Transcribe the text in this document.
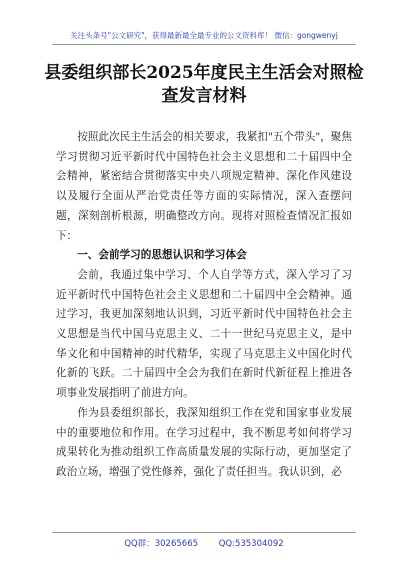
关注头条号"公文研究"，获得最新最全最专业的公文资料库！ 微信：gongwenyj
县委组织部长2025年度民主生活会对照检查发言材料

按照此次民主生活会的相关要求，我紧扣"五个带头"，聚焦学习贯彻习近平新时代中国特色社会主义思想和二十届四中全会精神，紧密结合贯彻落实中央八项规定精神、深化作风建设以及履行全面从严治党责任等方面的实际情况，深入查摆问题，深刻剖析根源，明确整改方向。现将对照检查情况汇报如下：

一、会前学习的思想认识和学习体会

会前，我通过集中学习、个人自学等方式，深入学习了习近平新时代中国特色社会主义思想和二十届四中全会精神。通过学习，我更加深刻地认识到，习近平新时代中国特色社会主义思想是当代中国马克思主义、二十一世纪马克思主义，是中华文化和中国精神的时代精华，实现了马克思主义中国化时代化新的飞跃。二十届四中全会为我们在新时代新征程上推进各项事业发展指明了前进方向。

作为县委组织部长，我深知组织工作在党和国家事业发展中的重要地位和作用。在学习过程中，我不断思考如何将学习成果转化为推动组织工作高质量发展的实际行动，更加坚定了政治立场，增强了党性修养，强化了责任担当。我认识到，必

QQ群：30265665 QQ:535304092
